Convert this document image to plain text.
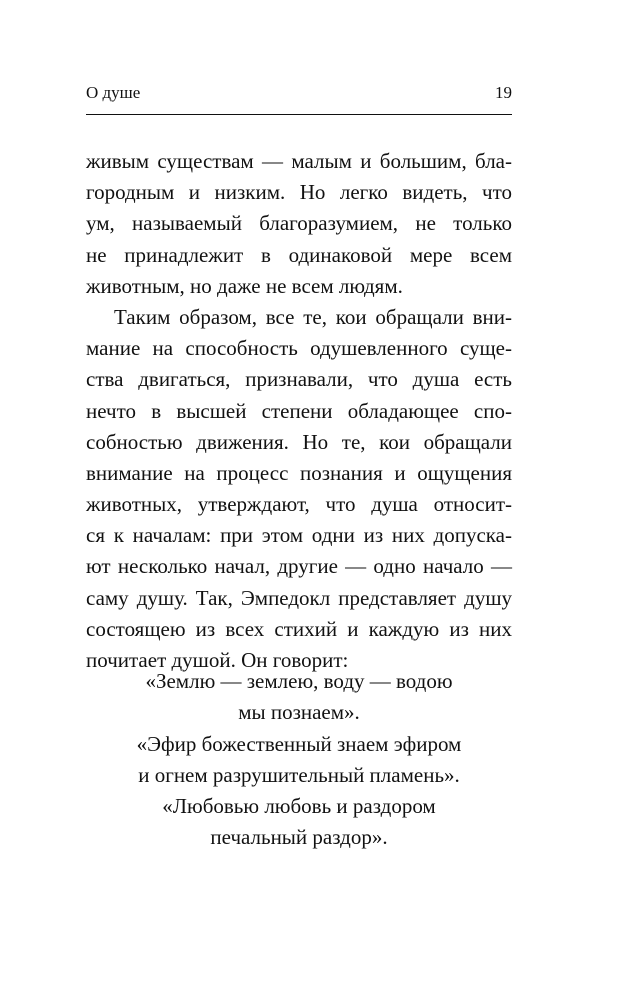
О душе	19
живым существам — малым и большим, бла-
городным и низким. Но легко видеть, что
ум, называемый благоразумием, не только
не принадлежит в одинаковой мере всем
животным, но даже не всем людям.
Таким образом, все те, кои обращали вни-
мание на способность одушевленного суще-
ства двигаться, признавали, что душа есть
нечто в высшей степени обладающее спо-
собностью движения. Но те, кои обращали
внимание на процесс познания и ощущения
животных, утверждают, что душа относит-
ся к началам: при этом одни из них допуска-
ют несколько начал, другие — одно начало —
саму душу. Так, Эмпедокл представляет душу
состоящею из всех стихий и каждую из них
почитает душой. Он говорит:
«Землю — землею, воду — водою
мы познаем».
«Эфир божественный знаем эфиром
и огнем разрушительный пламень».
«Любовью любовь и раздором
печальный раздор».
